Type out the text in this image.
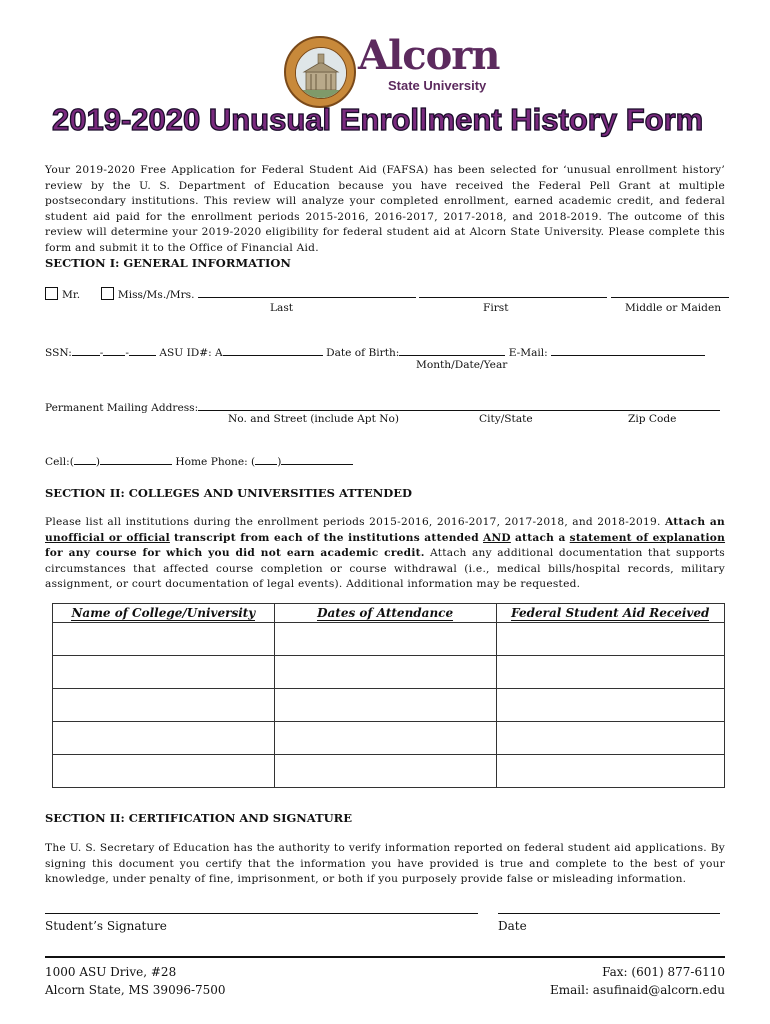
Alcorn
State University
2019-2020 Unusual Enrollment History Form
Your 2019-2020 Free Application for Federal Student Aid (FAFSA) has been selected for ‘unusual enrollment history’ review by the U. S. Department of Education because you have received the Federal Pell Grant at multiple postsecondary institutions. This review will analyze your completed enrollment, earned academic credit, and federal student aid paid for the enrollment periods 2015-2016, 2016-2017, 2017-2018, and 2018-2019. The outcome of this review will determine your 2019-2020 eligibility for federal student aid at Alcorn State University. Please complete this form and submit it to the Office of Financial Aid.
SECTION I: GENERAL INFORMATION
Mr.	Miss/Ms./Mrs.
Last	First	Middle or Maiden
SSN:	- -	ASU ID#: A	Date of Birth:	E-Mail:
Month/Date/Year
Permanent Mailing Address:
No. and Street (include Apt No)	City/State	Zip Code
Cell:( )	Home Phone: ( )
SECTION II: COLLEGES AND UNIVERSITIES ATTENDED
Please list all institutions during the enrollment periods 2015-2016, 2016-2017, 2017-2018, and 2018-2019. Attach an unofficial or official transcript from each of the institutions attended AND attach a statement of explanation for any course for which you did not earn academic credit. Attach any additional documentation that supports circumstances that affected course completion or course withdrawal (i.e., medical bills/hospital records, military assignment, or court documentation of legal events). Additional information may be requested.
Name of College/University	Dates of Attendance	Federal Student Aid Received

SECTION II: CERTIFICATION AND SIGNATURE
The U. S. Secretary of Education has the authority to verify information reported on federal student aid applications. By signing this document you certify that the information you have provided is true and complete to the best of your knowledge, under penalty of fine, imprisonment, or both if you purposely provide false or misleading information.
Student’s Signature	Date
1000 ASU Drive, #28
Alcorn State, MS 39096-7500
Fax: (601) 877-6110
Email: asufinaid@alcorn.edu
